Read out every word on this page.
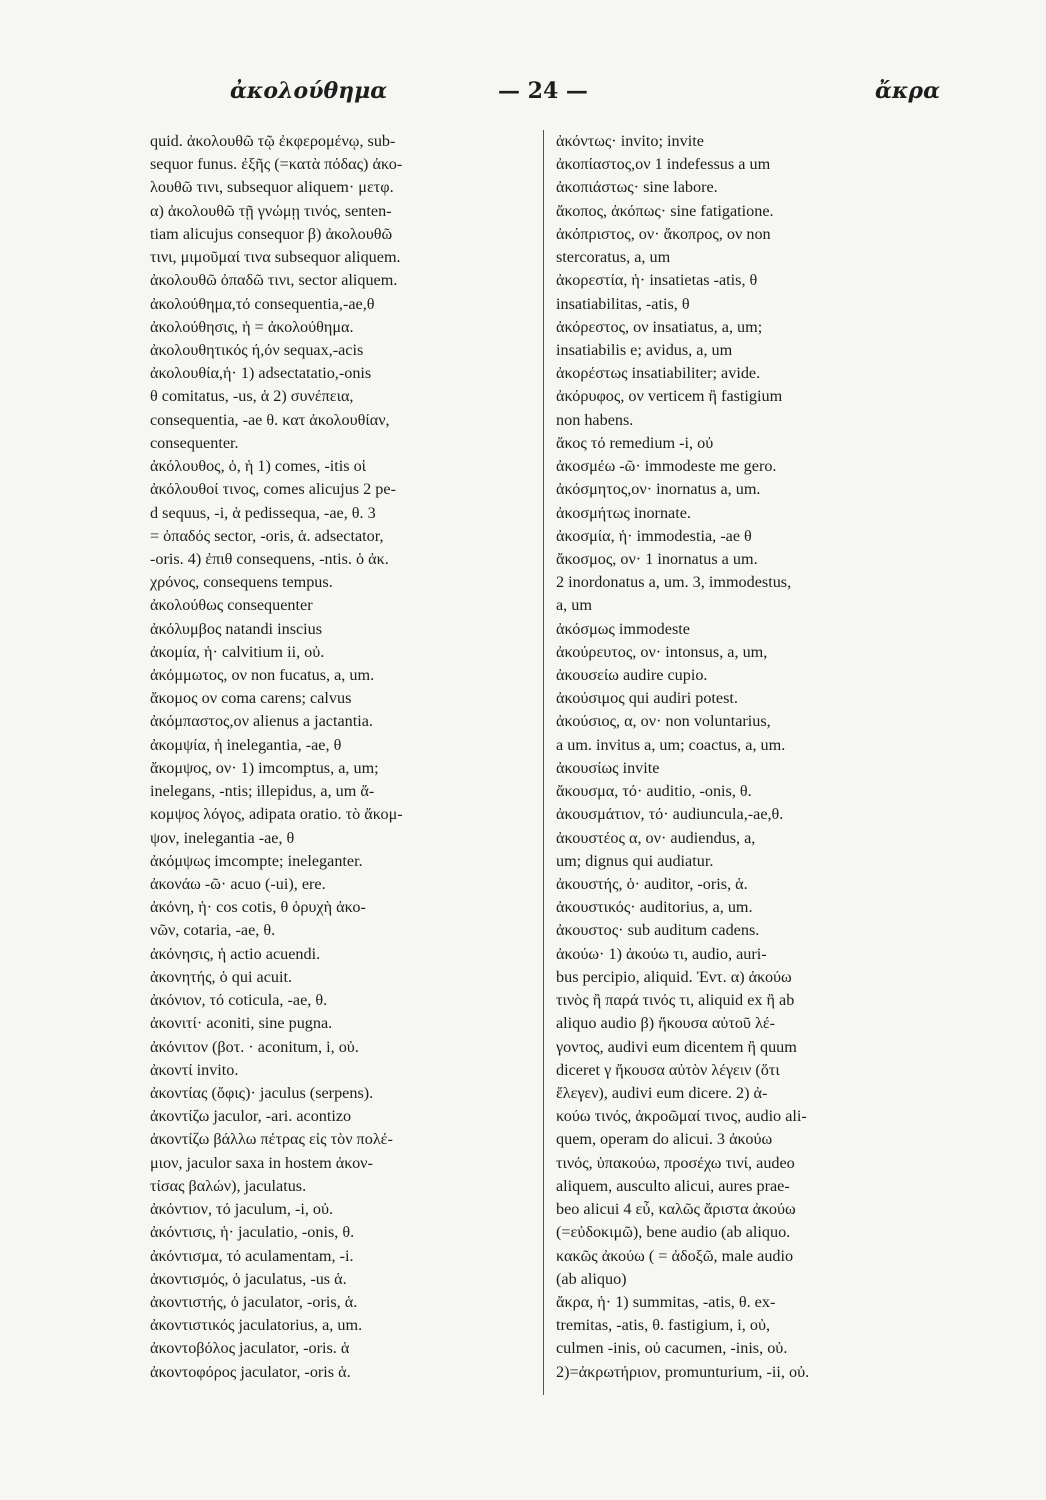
ἀκολούθημα	— 24 —	ἄκρα
quid. ἀκολουθῶ τῷ ἐκφερομένῳ, sub-
sequor funus. ἐξῆς (=κατὰ πόδας) ἀκο-
λουθῶ τινι, subsequor aliquem· μετφ.
α) ἀκολουθῶ τῇ γνώμῃ τινός, senten-
tiam alicujus consequor β) ἀκολουθῶ
τινι, μιμοῦμαί τινα subsequor aliquem.
ἀκολουθῶ ὀπαδῶ τινι, sector aliquem.
ἀκολούθημα,τό consequentia,-ae,θ
ἀκολούθησις, ἡ = ἀκολούθημα.
ἀκολουθητικός ή,όν sequax,-acis
ἀκολουθία,ἡ· 1) adsectatatio,-onis
θ comitatus, -us, ἁ 2) συνέπεια,
consequentia, -ae θ. κατ ἀκολουθίαν,
consequenter.
ἀκόλουθος, ὁ, ἡ 1) comes, -itis oἱ
ἀκόλουθοί τινος, comes alicujus 2 pe-
d sequus, -i, ἁ pedissequa, -ae, θ. 3
= ὀπαδός sector, -oris, ἁ. adsectator,
-oris. 4) ἐπιθ consequens, -ntis. ὁ ἀκ.
χρόνος, consequens tempus.
ἀκολούθως consequenter
ἀκόλυμβος natandi inscius
ἀκομία, ἡ· calvitium ii, οὐ.
ἀκόμμωτος, ον non fucatus, a, um.
ἄκομος ον coma carens; calvus
ἀκόμπαστος,ον alienus a jactantia.
ἀκομψία, ἡ inelegantia, -ae, θ
ἄκομψος, ον· 1) imcomptus, a, um;
inelegans, -ntis; illepidus, a, um ἄ-
κομψος λόγος, adipata oratio. τὸ ἄκομ-
ψον, inelegantia -ae, θ
ἀκόμψως imcompte; ineleganter.
ἀκονάω -ῶ· acuo (-ui), ere.
ἀκόνη, ἡ· cos cotis, θ ὁρυχὴ ἀκο-
νῶν, cotaria, -ae, θ.
ἀκόνησις, ἡ actio acuendi.
ἀκονητής, ὁ qui acuit.
ἀκόνιον, τό coticula, -ae, θ.
ἀκονιτί· aconiti, sine pugna.
ἀκόνιτον (βοτ. · aconitum, i, οὐ.
ἀκοντί invito.
ἀκοντίας (ὄφις)· jaculus (serpens).
ἀκοντίζω jaculor, -ari. acontizo
ἀκοντίζω βάλλω πέτρας εἰς τὸν πολέ-
μιον, jaculor saxa in hostem ἀκον-
τίσας βαλών), jaculatus.
ἀκόντιον, τό jaculum, -i, οὐ.
ἀκόντισις, ἡ· jaculatio, -onis, θ.
ἀκόντισμα, τό aculamentam, -i.
ἀκοντισμός, ὁ jaculatus, -us ἁ.
ἀκοντιστής, ὁ jaculator, -oris, ἁ.
ἀκοντιστικός jaculatorius, a, um.
ἀκοντοβόλος jaculator, -oris. ἁ
ἀκοντοφόρος jaculator, -oris ἁ.
ἀκόντως· invito; invite
ἀκοπίαστος,ον 1 indefessus a um
ἀκοπιάστως· sine labore.
ἄκοπος, ἀκόπως· sine fatigatione.
ἀκόπριστος, ον· ἄκοπρος, ον non
stercoratus, a, um
ἀκορεστία, ἡ· insatietas -atis, θ
insatiabilitas, -atis, θ
ἀκόρεστος, ον insatiatus, a, um;
insatiabilis e; avidus, a, um
ἀκορέστως insatiabiliter; avide.
ἀκόρυφος, ον verticem ἢ fastigium
non habens.
ἄκος τό remedium -i, οὐ
ἀκοσμέω -ῶ· immodeste me gero.
ἀκόσμητος,ον· inornatus a, um.
ἀκοσμήτως inornate.
ἀκοσμία, ἡ· immodestia, -ae θ
ἄκοσμος, ον· 1 inornatus a um.
2 inordonatus a, um. 3, immodestus,
a, um
ἀκόσμως immodeste
ἀκούρευτος, ον· intonsus, a, um,
ἀκουσείω audire cupio.
ἀκούσιμος qui audiri potest.
ἀκούσιος, α, ον· non voluntarius,
a um. invitus a, um; coactus, a, um.
ἀκουσίως invite
ἄκουσμα, τό· auditio, -onis, θ.
ἀκουσμάτιον, τό· audiuncula,-ae,θ.
ἀκουστέος α, ον· audiendus, a,
um; dignus qui audiatur.
ἀκουστής, ὁ· auditor, -oris, ἁ.
ἀκουστικός· auditorius, a, um.
ἀκουστος· sub auditum cadens.
ἀκούω· 1) ἀκούω τι, audio, auri-
bus percipio, aliquid. Ἐντ. α) ἀκούω
τινὸς ἢ παρά τινός τι, aliquid ex ἢ ab
aliquo audio β) ἤκουσα αὐτοῦ λέ-
γοντος, audivi eum dicentem ἢ quum
diceret γ ἤκουσα αὐτὸν λέγειν (ὅτι
ἔλεγεν), audivi eum dicere. 2) ἀ-
κούω τινός, ἀκροῶμαί τινος, audio ali-
quem, operam do alicui. 3 ἀκούω
τινός, ὑπακούω, προσέχω τινί, audeo
aliquem, ausculto alicui, aures prae-
beo alicui 4 εὖ, καλῶς ἄριστα ἀκούω
(=εὐδοκιμῶ), bene audio (ab aliquo.
κακῶς ἀκούω ( = ἀδοξῶ, male audio
(ab aliquo)
ἄκρα, ἡ· 1) summitas, -atis, θ. ex-
tremitas, -atis, θ. fastigium, i, οὐ,
culmen -inis, οὐ cacumen, -inis, οὐ.
2)=ἀκρωτήριον, promunturium, -ii, οὐ.
